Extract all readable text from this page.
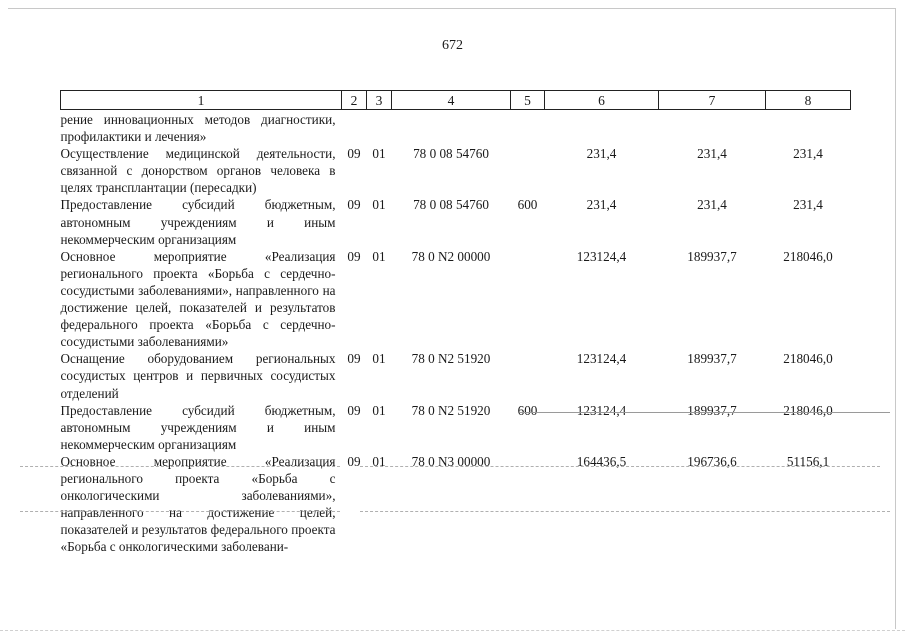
672
1	2	3	4	5	6	7	8
рение инновационных методов диагностики, профилактики и лечения»							
Осуществление медицинской деятельности, связанной с донорством органов человека в целях трансплантации (пересадки)	09	01	78 0 08 54760		231,4	231,4	231,4
Предоставление субсидий бюджетным, автономным учреждениям и иным некоммерческим организациям	09	01	78 0 08 54760	600	231,4	231,4	231,4
Основное мероприятие «Реализация регионального проекта «Борьба с сердечно-сосудистыми заболеваниями», направленного на достижение целей, показателей и результатов федерального проекта «Борьба с сердечно-сосудистыми заболеваниями»	09	01	78 0 N2 00000		123124,4	189937,7	218046,0
Оснащение оборудованием региональных сосудистых центров и первичных сосудистых отделений	09	01	78 0 N2 51920		123124,4	189937,7	218046,0
Предоставление субсидий бюджетным, автономным учреждениям и иным некоммерческим организациям	09	01	78 0 N2 51920	600	123124,4	189937,7	218046,0
Основное мероприятие «Реализация регионального проекта «Борьба с онкологическими заболеваниями», направленного на достижение целей, показателей и результатов федерального проекта «Борьба с онкологическими заболевани-	09	01	78 0 N3 00000		164436,5	196736,6	51156,1
